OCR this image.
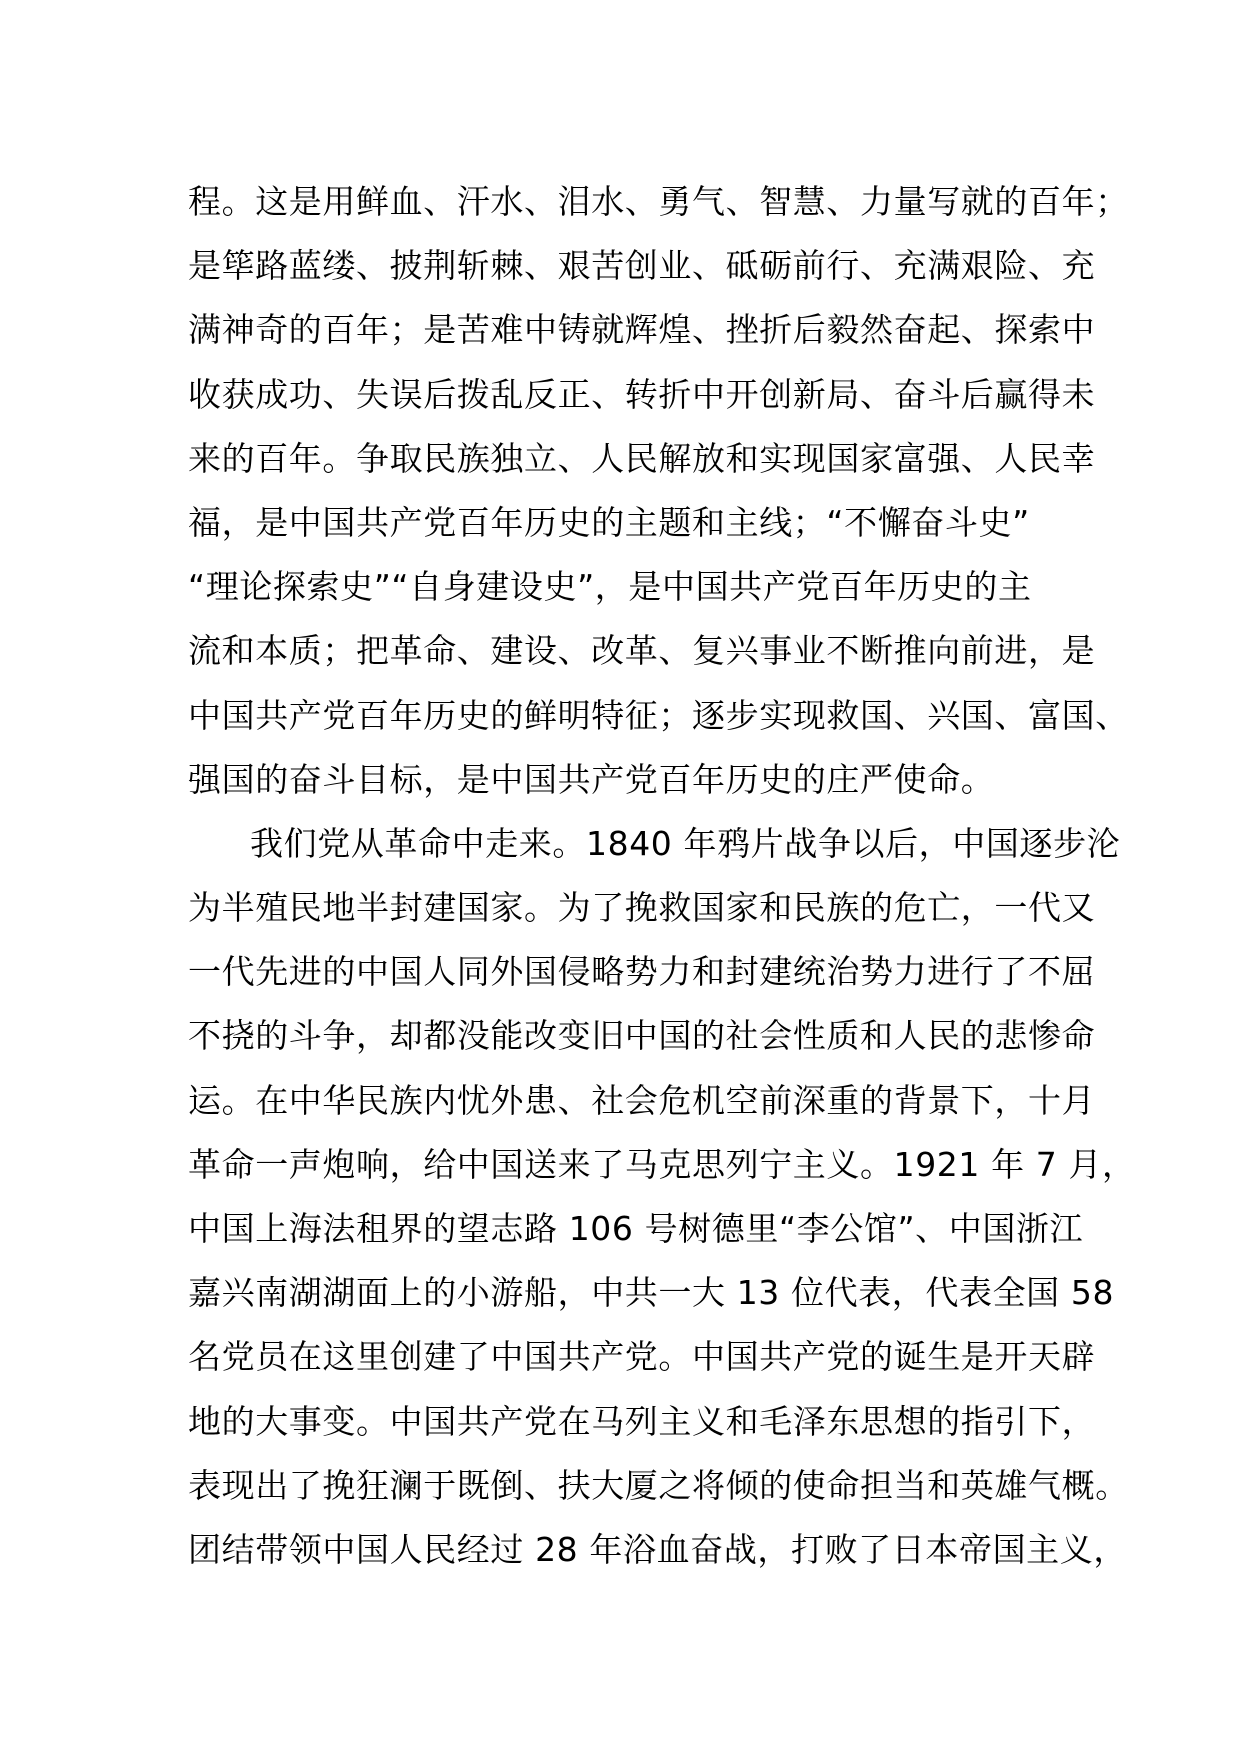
程。这是用鲜血、汗水、泪水、勇气、智慧、力量写就的百年；
是筚路蓝缕、披荆斩棘、艰苦创业、砥砺前行、充满艰险、充
满神奇的百年；是苦难中铸就辉煌、挫折后毅然奋起、探索中
收获成功、失误后拨乱反正、转折中开创新局、奋斗后赢得未
来的百年。争取民族独立、人民解放和实现国家富强、人民幸
福，是中国共产党百年历史的主题和主线；“不懈奋斗史”
“理论探索史”“自身建设史”，是中国共产党百年历史的主
流和本质；把革命、建设、改革、复兴事业不断推向前进，是
中国共产党百年历史的鲜明特征；逐步实现救国、兴国、富国、
强国的奋斗目标，是中国共产党百年历史的庄严使命。
我们党从革命中走来。1840 年鸦片战争以后，中国逐步沦
为半殖民地半封建国家。为了挽救国家和民族的危亡，一代又
一代先进的中国人同外国侵略势力和封建统治势力进行了不屈
不挠的斗争，却都没能改变旧中国的社会性质和人民的悲惨命
运。在中华民族内忧外患、社会危机空前深重的背景下，十月
革命一声炮响，给中国送来了马克思列宁主义。1921 年 7 月，
中国上海法租界的望志路 106 号树德里“李公馆”、中国浙江
嘉兴南湖湖面上的小游船，中共一大 13 位代表，代表全国 58
名党员在这里创建了中国共产党。中国共产党的诞生是开天辟
地的大事变。中国共产党在马列主义和毛泽东思想的指引下，
表现出了挽狂澜于既倒、扶大厦之将倾的使命担当和英雄气概。
团结带领中国人民经过 28 年浴血奋战，打败了日本帝国主义，
